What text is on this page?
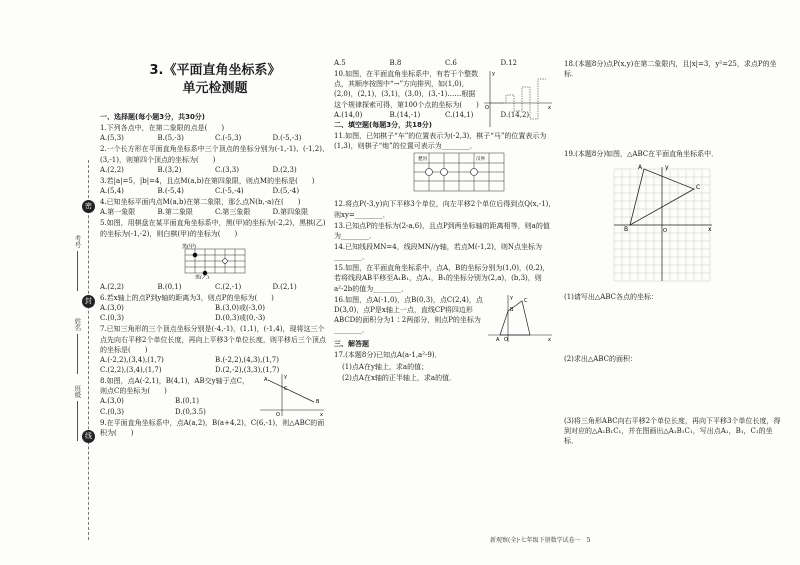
密
封
线
考号
姓名
班级
3.《平面直角坐标系》
单元检测题
一、选择题(每小题3分，共30分)
1.下列各点中，在第二象限的点是(　　)
A.(5,3)	B.(5,-3)	C.(-5,3)	D.(-5,-3)
2.一个长方形在平面直角坐标系中三个顶点的坐标分别为(-1,-1)、(-1,2)、(3,-1)，则第四个顶点的坐标为(　　)
A.(2,2)	B.(3,2)	C.(3,3)	D.(2,3)
3.若|a|=5，|b|=4，且点M(a,b)在第四象限，则点M的坐标是(　　)
A.(5,4)	B.(-5,4)	C.(-5,-4)	D.(5,-4)
4.已知坐标平面内点M(a,b)在第二象限，那么点N(b,-a)在(　　)
A.第一象限	B.第二象限	C.第三象限	D.第四象限
5.如图，用棋盘在某平面直角坐标系中，黑(甲)的坐标为(-2,2)，黑棋(乙)的坐标为(-1,-2)，则白棋(甲)的坐标为(　　)
黑(甲)
黑(乙)
A.(2,2)	B.(0,1)	C.(2,-1)	D.(2,1)
6.若x轴上的点P到y轴的距离为3，则点P的坐标为(　　)
A.(3,0)	B.(3,0)或(-3,0)
C.(0,3)	D.(0,3)或(0,-3)
7.已知三角形的三个顶点坐标分别是(-4,-1)，(1,1)，(-1,4)，现将这三个点先向右平移2个单位长度，再向上平移3个单位长度，则平移后三个顶点的坐标是(　　)
A.(-2,2),(3,4),(1,7)	B.(-2,2),(4,3),(1,7)
C.(2,2),(3,4),(1,7)	D.(2,-2),(3,3),(1,7)
8.如图，点A(-2,1)，B(4,1)，AB交y轴于点C，则点C的坐标为(　　)
A
B
C
O	x
y
A.(3,0)	B.(0,1)
C.(0,3)	D.(0,3.5)
9.在平面直角坐标系中，点A(a,2)，B(a+4,2)，C(6,-1)，则△ABC的面积为(　　)
A.5	B.8	C.6	D.12
10.如图，在平面直角坐标系中，有若干个整数点，其顺序按图中“→”方向排列，如(1,0)，(2,0)，(2,1)，(3,1)，(3,0)，(3,-1)……根据这个规律探索可得，第100个点的坐标为(　　) O	x
y
A.(14,0)	B.(14,-1)	C.(14,1)	D.(14,2)
二、填空题(每题3分，共18分)
11.如图，已知棋子“车”的位置表示为(-2,3)，棋子“马”的位置表示为(1,3)，则棋子“炮”的位置可表示为________．
楚河	汉界
12.将点P(-3,y)向下平移3个单位，向左平移2个单位后得到点Q(x,-1)，则xy=________．
13.已知点P的坐标为(2-a,6)，且点P到两坐标轴的距离相等，则a的值为________．
14.已知线段MN=4，线段MN//y轴，若点M(-1,2)，则N点坐标为________．
15.如图，在平面直角坐标系中，点A，B的坐标分别为(1,0)，(0,2)，若将线段AB平移至A₁B₁，点A₁，B₁的坐标分别为(2,a)，(b,3)，则a²-2b的值为________．
16.如图，点A(-1,0)，点B(0,3)，点C(2,4)，点D(3,0)，点P是x轴上一点，直线CP将四边形ABCD的面积分为1∶2两部分，则点P的坐标为________．
A
B
C
O	x
y
三、解答题
17.(本题8分)已知点A(a-1,a²-9)．
(1)点A在y轴上，求a的值；
(2)点A在x轴的正半轴上，求a的值．
18.(本题8分)点P(x,y)在第二象限内，且|x|=3，y²=25，求点P的坐标．
19.(本题8分)如图，△ABC在平面直角坐标系中．
A
B
C
O	x
y
(1)请写出△ABC各点的坐标：
(2)求出△ABC的面积：
(3)将三角形ABC向右平移2个单位长度，再向下平移3个单位长度，得到对应的△A₁B₁C₁，并在图画出△A₁B₁C₁，写出点A₁，B₁，C₁的坐标．
新观察(全)·七年级下册数学试卷一　5
